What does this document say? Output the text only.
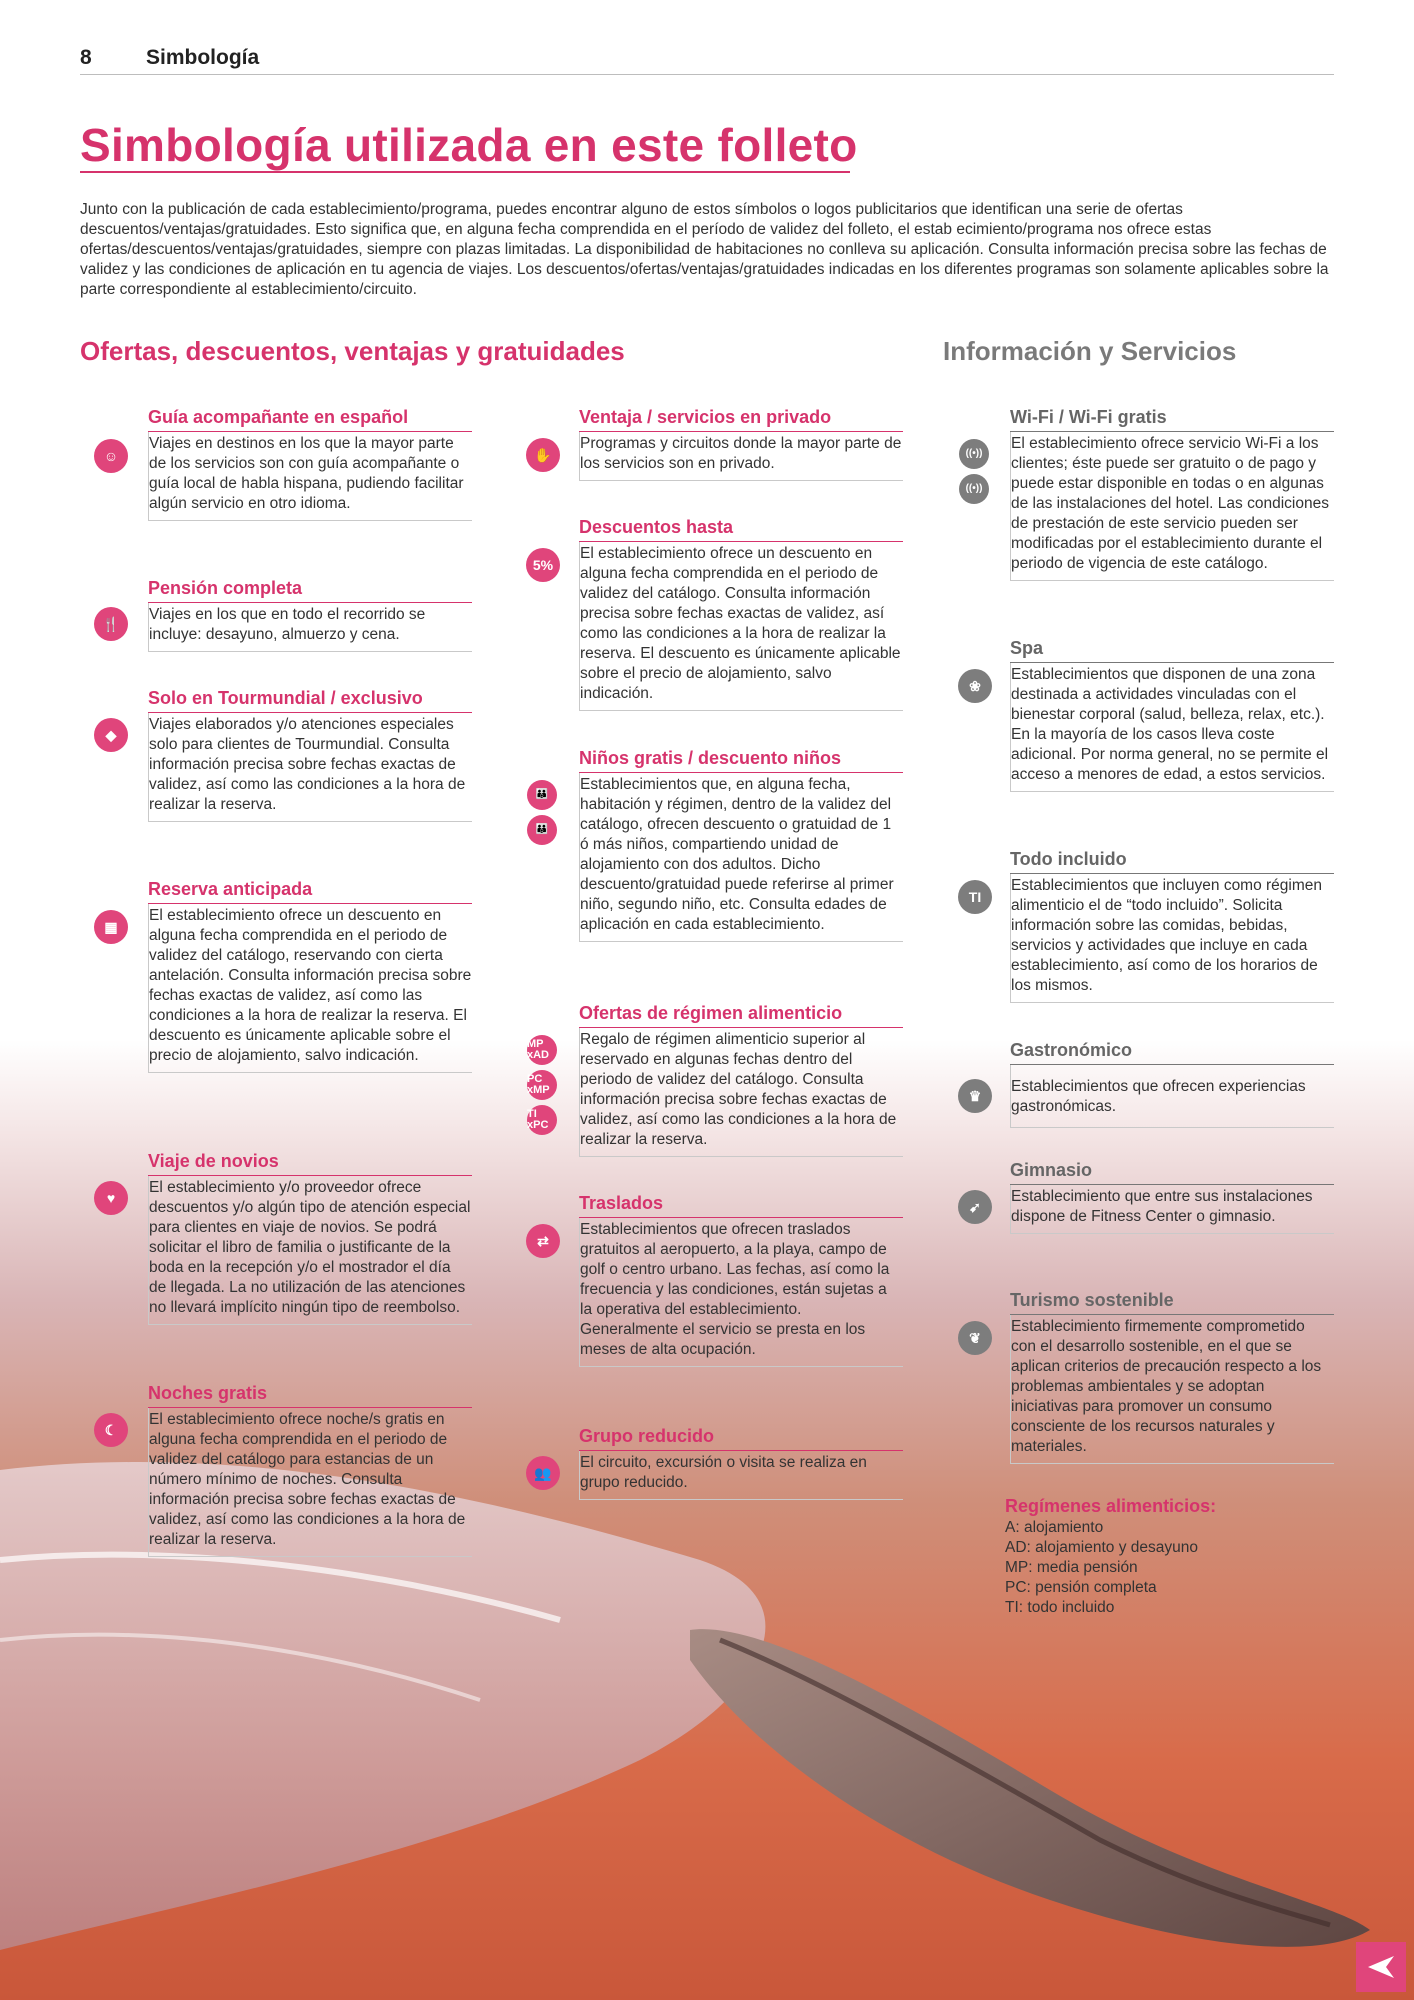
8	Simbología
Simbología utilizada en este folleto
Junto con la publicación de cada establecimiento/programa, puedes encontrar alguno de estos símbolos o logos publicitarios que identifican una serie de ofertas descuentos/ventajas/gratuidades. Esto significa que, en alguna fecha comprendida en el período de validez del folleto, el estab ecimiento/programa nos ofrece estas ofertas/descuentos/ventajas/gratuidades, siempre con plazas limitadas. La disponibilidad de habitaciones no conlleva su aplicación. Consulta información precisa sobre las fechas de validez y las condiciones de aplicación en tu agencia de viajes. Los descuentos/ofertas/ventajas/gratuidades indicadas en los diferentes programas son solamente aplicables sobre la parte correspondiente al establecimiento/circuito.
Ofertas, descuentos, ventajas y gratuidades	Información y Servicios
Guía acompañante en español
Viajes en destinos en los que la mayor parte de los servicios son con guía acompañante o guía local de habla hispana, pudiendo facilitar algún servicio en otro idioma.
☺
Pensión completa
Viajes en los que en todo el recorrido se incluye: desayuno, almuerzo y cena.
🍴
Solo en Tourmundial / exclusivo
Viajes elaborados y/o atenciones especiales solo para clientes de Tourmundial. Consulta información precisa sobre fechas exactas de validez, así como las condiciones a la hora de realizar la reserva.
◆
Reserva anticipada
El establecimiento ofrece un descuento en alguna fecha comprendida en el periodo de validez del catálogo, reservando con cierta antelación. Consulta información precisa sobre fechas exactas de validez, así como las condiciones a la hora de realizar la reserva. El descuento es únicamente aplicable sobre el precio de alojamiento, salvo indicación.
▦
Viaje de novios
El establecimiento y/o proveedor ofrece descuentos y/o algún tipo de atención especial para clientes en viaje de novios. Se podrá solicitar el libro de familia o justificante de la boda en la recepción y/o el mostrador el día de llegada. La no utilización de las atenciones no llevará implícito ningún tipo de reembolso.
♥
Noches gratis
El establecimiento ofrece noche/s gratis en alguna fecha comprendida en el periodo de validez del catálogo para estancias de un número mínimo de noches. Consulta información precisa sobre fechas exactas de validez, así como las condiciones a la hora de realizar la reserva.
☾
Ventaja / servicios en privado
Programas y circuitos donde la mayor parte de los servicios son en privado.
✋
Descuentos hasta
El establecimiento ofrece un descuento en alguna fecha comprendida en el periodo de validez del catálogo. Consulta información precisa sobre fechas exactas de validez, así como las condiciones a la hora de realizar la reserva. El descuento es únicamente aplicable sobre el precio de alojamiento, salvo indicación.
5%
Niños gratis / descuento niños
Establecimientos que, en alguna fecha, habitación y régimen, dentro de la validez del catálogo, ofrecen descuento o gratuidad de 1 ó más niños, compartiendo unidad de alojamiento con dos adultos. Dicho descuento/gratuidad puede referirse al primer niño, segundo niño, etc. Consulta edades de aplicación en cada establecimiento.
👪
👪
Ofertas de régimen alimenticio
Regalo de régimen alimenticio superior al reservado en algunas fechas dentro del periodo de validez del catálogo. Consulta información precisa sobre fechas exactas de validez, así como las condiciones a la hora de realizar la reserva.
MP xAD
PC xMP
TI xPC
Traslados
Establecimientos que ofrecen traslados gratuitos al aeropuerto, a la playa, campo de golf o centro urbano. Las fechas, así como la frecuencia y las condiciones, están sujetas a la operativa del establecimiento. Generalmente el servicio se presta en los meses de alta ocupación.
⇄
Grupo reducido
El circuito, excursión o visita se realiza en grupo reducido.
👥
Wi-Fi / Wi-Fi gratis
El establecimiento ofrece servicio Wi-Fi a los clientes; éste puede ser gratuito o de pago y puede estar disponible en todas o en algunas de las instalaciones del hotel. Las condiciones de prestación de este servicio pueden ser modificadas por el establecimiento durante el periodo de vigencia de este catálogo.
((•))
((•))
Spa
Establecimientos que disponen de una zona destinada a actividades vinculadas con el bienestar corporal (salud, belleza, relax, etc.). En la mayoría de los casos lleva coste adicional. Por norma general, no se permite el acceso a menores de edad, a estos servicios.
❀
Todo incluido
Establecimientos que incluyen como régimen alimenticio el de “todo incluido”. Solicita información sobre las comidas, bebidas, servicios y actividades que incluye en cada establecimiento, así como de los horarios de los mismos.
TI
Gastronómico
Establecimientos que ofrecen experiencias gastronómicas.
♛
Gimnasio
Establecimiento que entre sus instalaciones dispone de Fitness Center o gimnasio.
➹
Turismo sostenible
Establecimiento firmemente comprometido con el desarrollo sostenible, en el que se aplican criterios de precaución respecto a los problemas ambientales y se adoptan iniciativas para promover un consumo consciente de los recursos naturales y materiales.
❦
Regímenes alimenticios:
A: alojamiento
AD: alojamiento y desayuno
MP: media pensión
PC: pensión completa
TI: todo incluido
